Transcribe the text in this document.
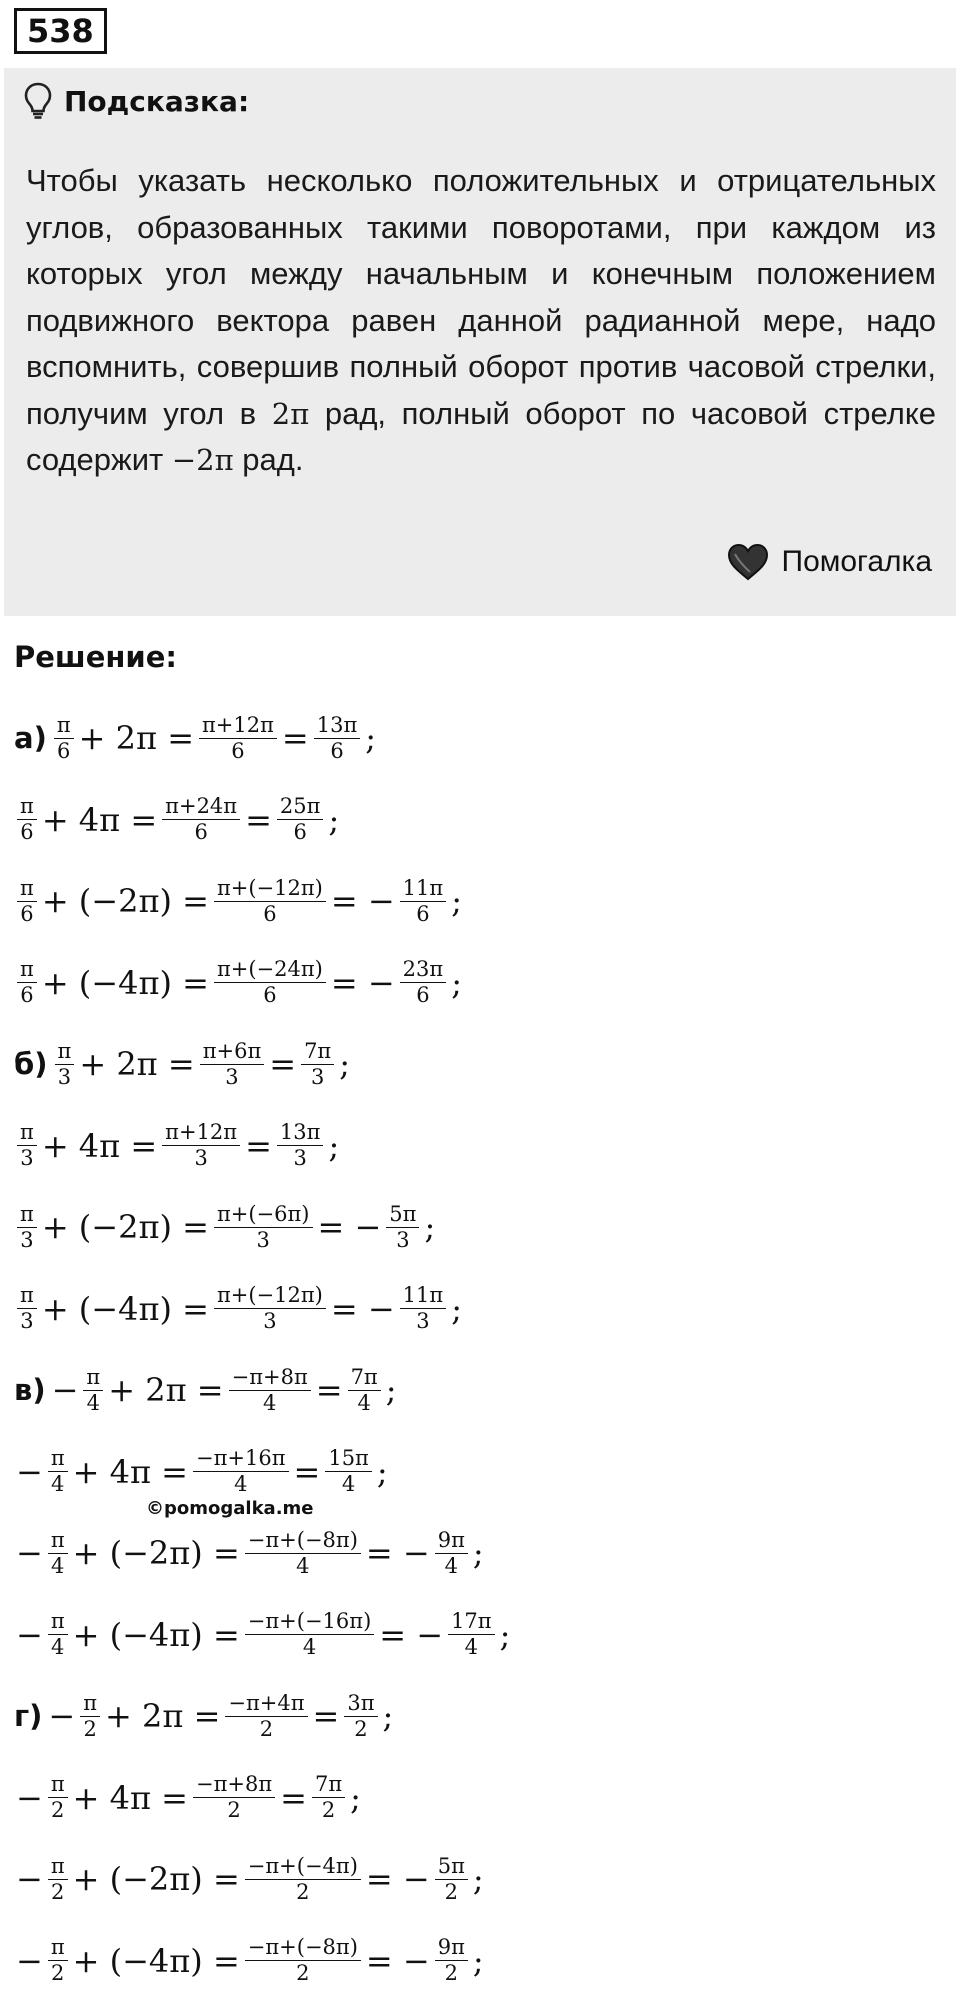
538
Подсказка:
Чтобы указать несколько положительных и отрицательных углов, образованных такими поворотами, при каждом из которых угол между начальным и конечным положением подвижного вектора равен данной радианной мере, надо вспомнить, совершив полный оборот против часовой стрелки, получим угол в 2π рад, полный оборот по часовой стрелке содержит −2π рад.
Помогалка
Решение:
$а) \frac{\pi}{6} + 2\pi = \frac{\pi+12\pi}{6} = \frac{13\pi}{6}$ ;
$\frac{\pi}{6} + 4\pi = \frac{\pi+24\pi}{6} = \frac{25\pi}{6}$ ;
$\frac{\pi}{6} + (-2\pi) = \frac{\pi+(-12\pi)}{6}$ = − $\frac{11\pi}{6}$ ;
$\frac{\pi}{6} + (-4\pi) = \frac{\pi+(-24\pi)}{6}$ = − $\frac{23\pi}{6}$ ;
$б) \frac{\pi}{3} + 2\pi = \frac{\pi+6\pi}{3} = \frac{7\pi}{3}$ ;
$\frac{\pi}{3} + 4\pi = \frac{\pi+12\pi}{3} = \frac{13\pi}{3}$ ;
$\frac{\pi}{3} + (-2\pi) = \frac{\pi+(-6\pi)}{3}$ = − $\frac{5\pi}{3}$ ;
$\frac{\pi}{3} + (-4\pi) = \frac{\pi+(-12\pi)}{3}$ = − $\frac{11\pi}{3}$ ;
$в) - \frac{\pi}{4} + 2\pi = \frac{-\pi+8\pi}{4} = \frac{7\pi}{4}$ ;
− $\frac{\pi}{4} + 4\pi = \frac{-\pi+16\pi}{4} = \frac{15\pi}{4}$ ;
− $\frac{\pi}{4} + (-2\pi) = \frac{-\pi+(-8\pi)}{4}$ = − $\frac{9\pi}{4}$ ;
− $\frac{\pi}{4} + (-4\pi) = \frac{-\pi+(-16\pi)}{4}$ = − $\frac{17\pi}{4}$ ;
$г) - \frac{\pi}{2} + 2\pi = \frac{-\pi+4\pi}{2} = \frac{3\pi}{2}$ ;
− $\frac{\pi}{2} + 4\pi = \frac{-\pi+8\pi}{2} = \frac{7\pi}{2}$ ;
− $\frac{\pi}{2} + (-2\pi) = \frac{-\pi+(-4\pi)}{2}$ = − $\frac{5\pi}{2}$ ;
− $\frac{\pi}{2} + (-4\pi) = \frac{-\pi+(-8\pi)}{2}$ = − $\frac{9\pi}{2}$ ;
©pomogalka.me
